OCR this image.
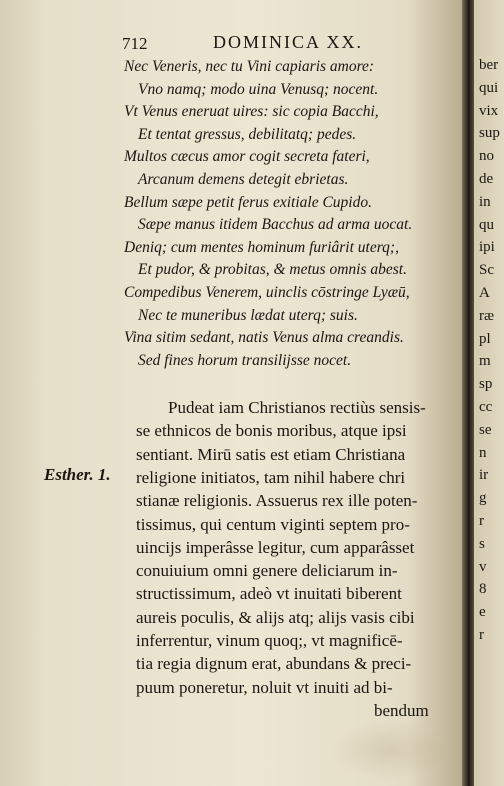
712	DOMINICA XX.
Nec Veneris, nec tu Vini capiaris amore:
Vno namq; modo uina Venusq; nocent.
Vt Venus eneruat uires: sic copia Bacchi,
Et tentat gressus, debilitatq; pedes.
Multos cæcus amor cogit secreta fateri,
Arcanum demens detegit ebrietas.
Bellum sæpe petit ferus exitiale Cupido.
Sæpe manus itidem Bacchus ad arma uocat.
Deniq; cum mentes hominum furiârit uterq;,
Et pudor, & probitas, & metus omnis abest.
Compedibus Venerem, uinclis cōstringe Lyæū,
Nec te muneribus lædat uterq; suis.
Vina sitim sedant, natis Venus alma creandis.
Sed fines horum transilijsse nocet.
Esther. 1.
Pudeat iam Christianos rectiùs sensis-
se ethnicos de bonis moribus, atque ipsi
sentiant. Mirū satis est etiam Christiana
religione initiatos, tam nihil habere chri
stianæ religionis. Assuerus rex ille poten-
tissimus, qui centum viginti septem pro-
uincijs imperâsse legitur, cum apparâsset
conuiuium omni genere deliciarum in-
structissimum, adeò vt inuitati biberent
aureis poculis, & alijs atq; alijs vasis cibi
inferrentur, vinum quoq;, vt magnificē-
tia regia dignum erat, abundans & preci-
puum poneretur, noluit vt inuiti ad bi-
bendum
ber
qui
vix
sup
no
de
in
qu
ipi
Sc
A
ræ
pl
m
sp
cc
se
n
ir
g
r
s
v
8
e
r
